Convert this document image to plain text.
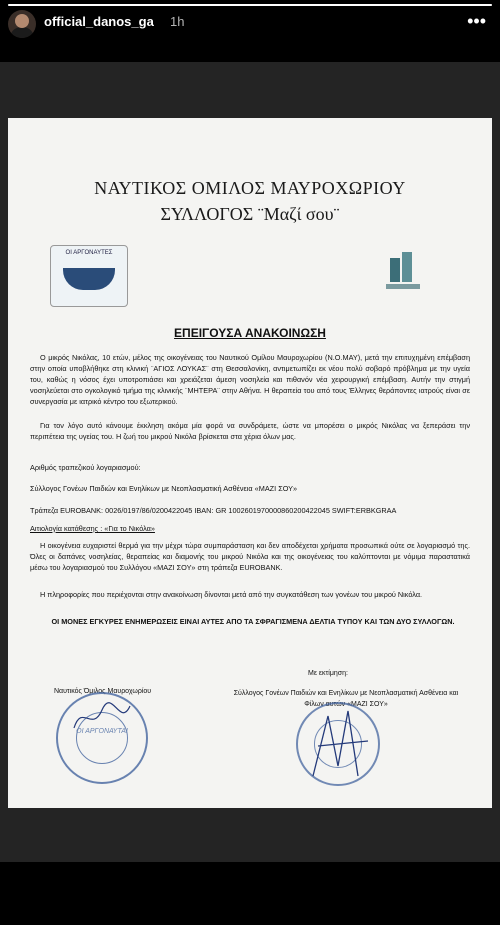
official_danos_ga 1h	•••
ΝΑΥΤΙΚΟΣ ΟΜΙΛΟΣ ΜΑΥΡΟΧΩΡΙΟΥ
ΣΥΛΛΟΓΟΣ ¨Μαζί σου¨
ΟΙ ΑΡΓΟΝΑΥΤΕΣ
ΕΠΕΙΓΟΥΣΑ ΑΝΑΚΟΙΝΩΣΗ
Ο μικρός Νικόλας, 10 ετών, μέλος της οικογένειας του Ναυτικού Ομίλου Μαυροχωρίου (Ν.Ο.ΜΑΥ), μετά την επιτυχημένη επέμβαση στην οποία υποβλήθηκε στη κλινική ¨ΑΓΙΟΣ ΛΟΥΚΑΣ¨ στη Θεσσαλονίκη, αντιμετωπίζει εκ νέου πολύ σοβαρό πρόβλημα με την υγεία του, καθώς η νόσος έχει υποτροπιάσει και χρειάζεται άμεση νοσηλεία και πιθανόν νέα χειρουργική επέμβαση. Αυτήν την στιγμή νοσηλεύεται στο ογκολογικό τμήμα της κλινικής ¨ΜΗΤΕΡΑ¨ στην Αθήνα. Η θεραπεία του από τους Έλληνες θεράποντες ιατρούς είναι σε συνεργασία με ιατρικό κέντρο του εξωτερικού.
Για τον λόγο αυτό κάνουμε έκκληση ακόμα μία φορά να συνδράμετε, ώστε να μπορέσει ο μικρός Νικόλας να ξεπεράσει την περιπέτεια της υγείας του. Η ζωή του μικρού Νικόλα βρίσκεται στα χέρια όλων μας.
Αριθμός τραπεζικού λογαριασμού:
Σύλλογος Γονέων Παιδιών και Ενηλίκων με Νεοπλασματική Ασθένεια «ΜΑΖΙ ΣΟΥ»
Τράπεζα EUROBANK: 0026/0197/86/0200422045 IBAN: GR 1002601970000860200422045 SWIFT:ERBKGRAA
Αιτιολογία κατάθεσης : «Για το Νικόλα»
Η οικογένεια ευχαριστεί θερμά για την μέχρι τώρα συμπαράσταση και δεν αποδέχεται χρήματα προσωπικά ούτε σε λογαριασμό της. Όλες οι δαπάνες νοσηλείας, θεραπείας και διαμονής του μικρού Νικόλα και της οικογένειας του καλύπτονται με νόμιμα παραστατικά μέσω του λογαριασμού του Συλλόγου «ΜΑΖΙ ΣΟΥ» στη τράπεζα EUROBANK.
Η πληροφορίες που περιέχονται στην ανακοίνωση δίνονται μετά από την συγκατάθεση των γονέων του μικρού Νικόλα.
ΟΙ ΜΟΝΕΣ ΕΓΚΥΡΕΣ ΕΝΗΜΕΡΩΣΕΙΣ ΕΙΝΑΙ ΑΥΤΕΣ ΑΠΟ ΤΑ ΣΦΡΑΓΙΣΜΕΝΑ ΔΕΛΤΙΑ ΤΥΠΟΥ ΚΑΙ ΤΩΝ ΔΥΟ ΣΥΛΛΟΓΩΝ.
Με εκτίμηση:
Ναυτικός Όμιλος Μαυροχωρίου	Σύλλογος Γονέων Παιδιών και Ενηλίκων με Νεοπλασματική Ασθένεια και Φίλων αυτών «ΜΑΖΙ ΣΟΥ»
ΟΙ ΑΡΓΟΝΑΥΤΑΙ
